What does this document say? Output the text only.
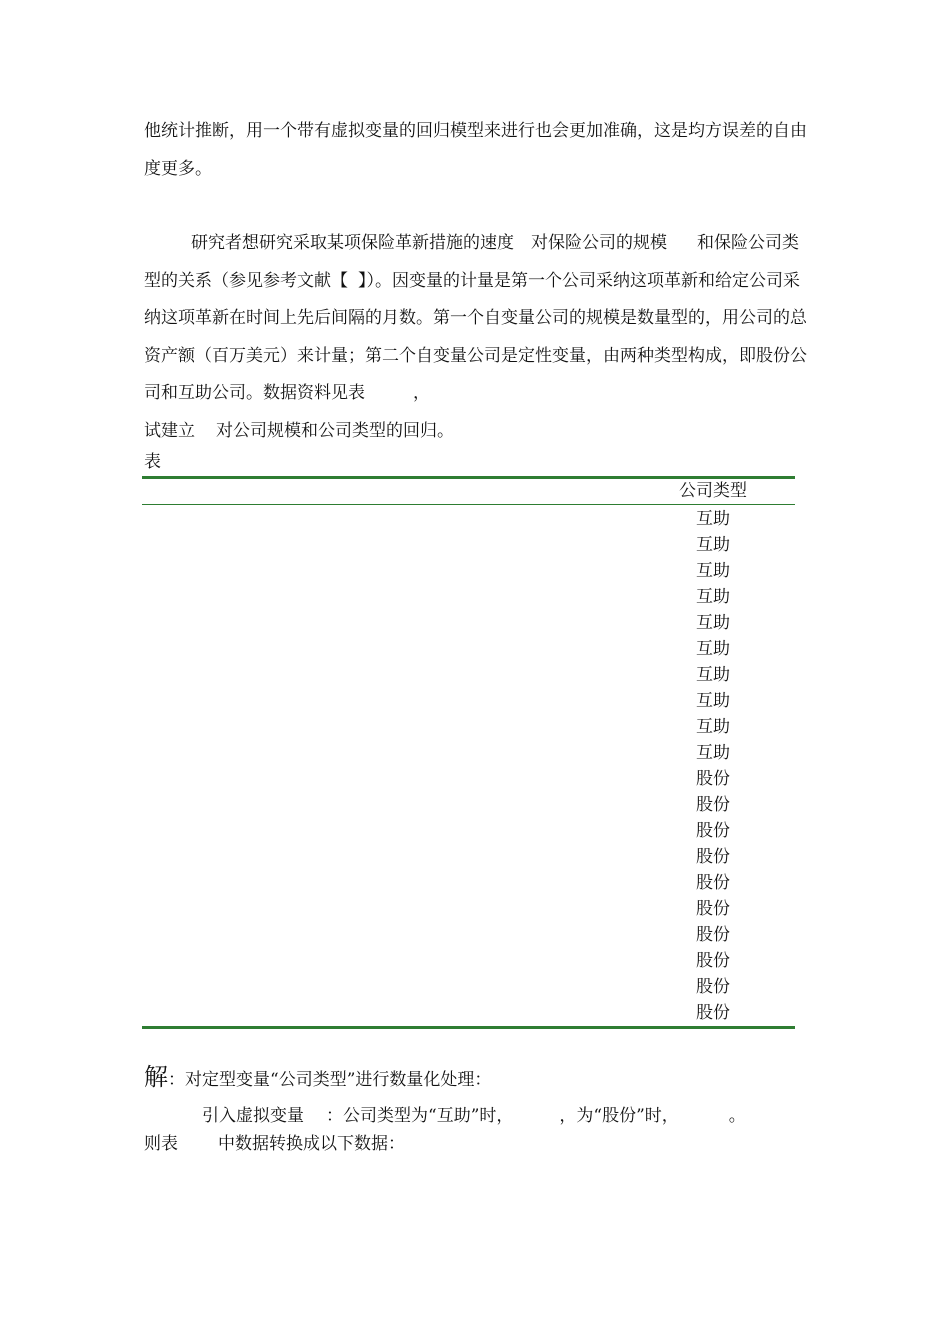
他统计推断，用一个带有虚拟变量的回归模型来进行也会更加准确，这是均方误差的自由度更多。
研究者想研究采取某项保险革新措施的速度 对保险公司的规模 和保险公司类型的关系（参见参考文献【 】）。因变量的计量是第一个公司采纳这项革新和给定公司采纳这项革新在时间上先后间隔的月数。第一个自变量公司的规模是数量型的，用公司的总资产额（百万美元）来计量；第二个自变量公司是定性变量，由两种类型构成，即股份公司和互助公司。数据资料见表	，
试建立 对公司规模和公司类型的回归。
表
公司类型
互助
互助
互助
互助
互助
互助
互助
互助
互助
互助
股份
股份
股份
股份
股份
股份
股份
股份
股份
股份
解：对定型变量“公司类型”进行数量化处理：
引入虚拟变量 ：公司类型为“互助”时，	，为“股份”时，	。
则表 中数据转换成以下数据：
